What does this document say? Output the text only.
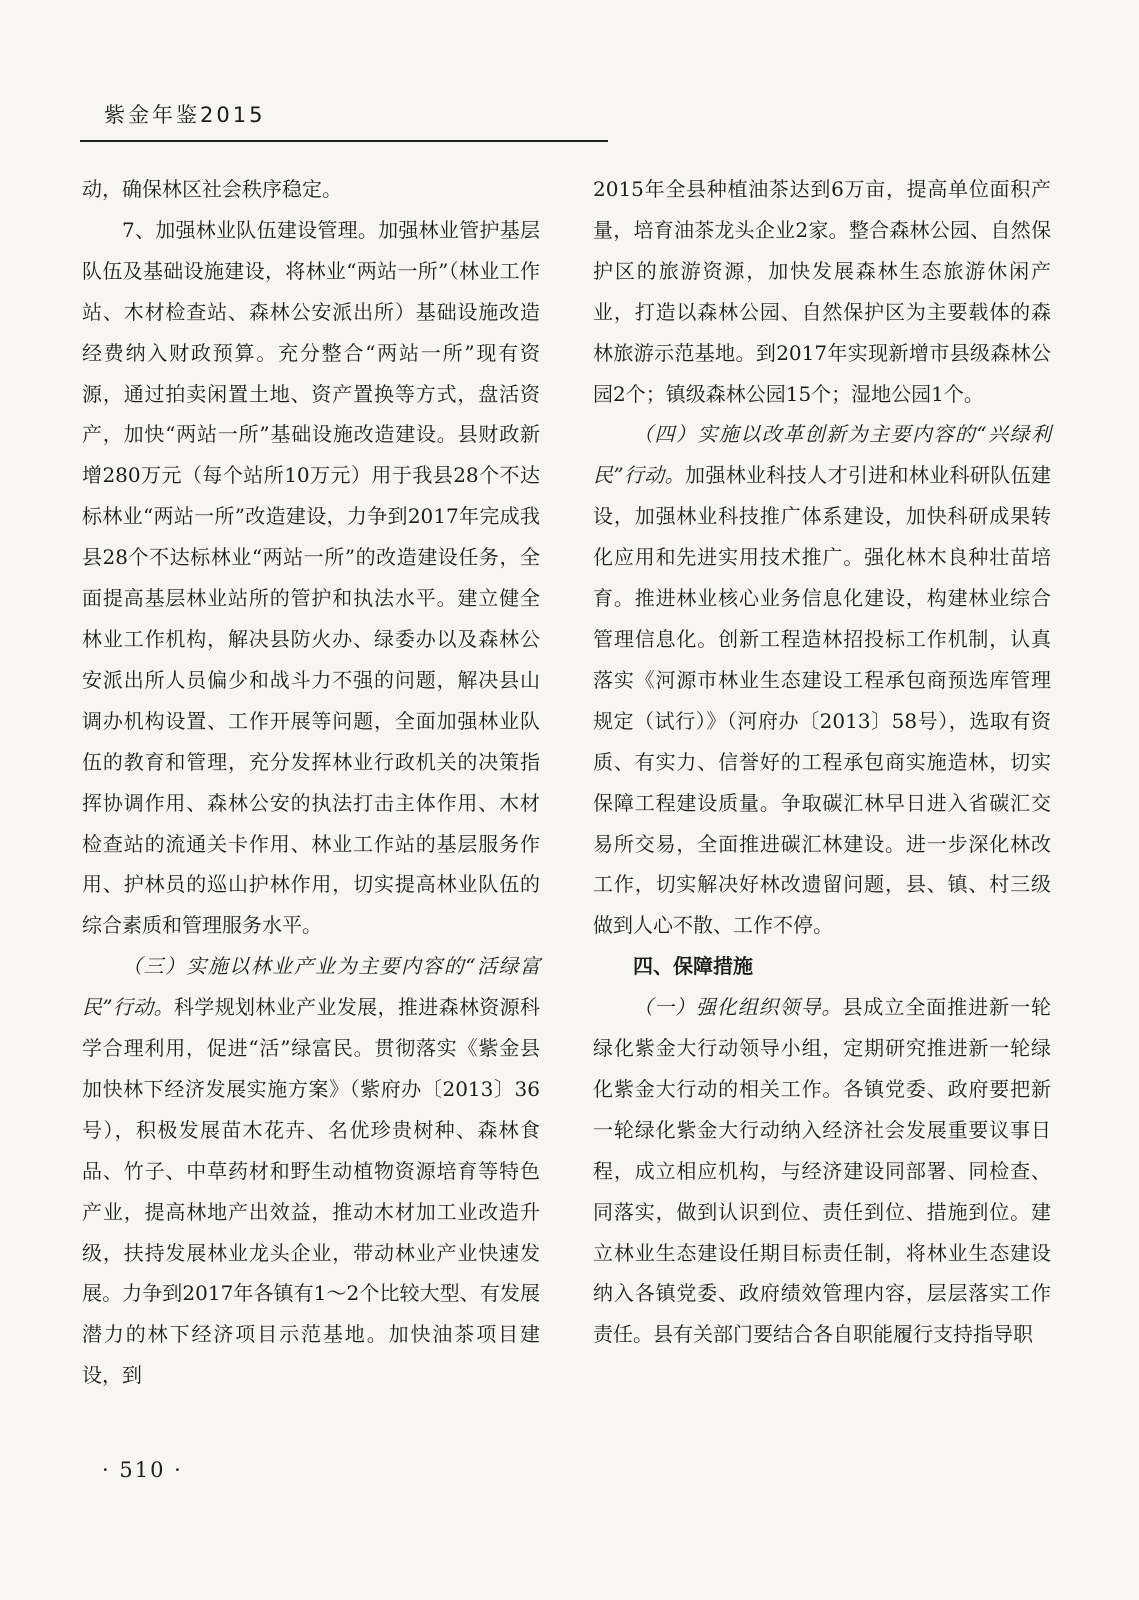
紫金年鉴2015

动，确保林区社会秩序稳定。

7、加强林业队伍建设管理。加强林业管护基层队伍及基础设施建设，将林业“两站一所”（林业工作站、木材检查站、森林公安派出所）基础设施改造经费纳入财政预算。充分整合“两站一所”现有资源，通过拍卖闲置土地、资产置换等方式，盘活资产，加快“两站一所”基础设施改造建设。县财政新增280万元（每个站所10万元）用于我县28个不达标林业“两站一所”改造建设，力争到2017年完成我县28个不达标林业“两站一所”的改造建设任务，全面提高基层林业站所的管护和执法水平。建立健全林业工作机构，解决县防火办、绿委办以及森林公安派出所人员偏少和战斗力不强的问题，解决县山调办机构设置、工作开展等问题，全面加强林业队伍的教育和管理，充分发挥林业行政机关的决策指挥协调作用、森林公安的执法打击主体作用、木材检查站的流通关卡作用、林业工作站的基层服务作用、护林员的巡山护林作用，切实提高林业队伍的综合素质和管理服务水平。

（三）实施以林业产业为主要内容的“活绿富民”行动。科学规划林业产业发展，推进森林资源科学合理利用，促进“活”绿富民。贯彻落实《紫金县加快林下经济发展实施方案》（紫府办〔2013〕36号），积极发展苗木花卉、名优珍贵树种、森林食品、竹子、中草药材和野生动植物资源培育等特色产业，提高林地产出效益，推动木材加工业改造升级，扶持发展林业龙头企业，带动林业产业快速发展。力争到2017年各镇有1～2个比较大型、有发展潜力的林下经济项目示范基地。加快油茶项目建设，到

2015年全县种植油茶达到6万亩，提高单位面积产量，培育油茶龙头企业2家。整合森林公园、自然保护区的旅游资源，加快发展森林生态旅游休闲产业，打造以森林公园、自然保护区为主要载体的森林旅游示范基地。到2017年实现新增市县级森林公园2个；镇级森林公园15个；湿地公园1个。

（四）实施以改革创新为主要内容的“兴绿利民”行动。加强林业科技人才引进和林业科研队伍建设，加强林业科技推广体系建设，加快科研成果转化应用和先进实用技术推广。强化林木良种壮苗培育。推进林业核心业务信息化建设，构建林业综合管理信息化。创新工程造林招投标工作机制，认真落实《河源市林业生态建设工程承包商预选库管理规定（试行）》（河府办〔2013〕58号），选取有资质、有实力、信誉好的工程承包商实施造林，切实保障工程建设质量。争取碳汇林早日进入省碳汇交易所交易，全面推进碳汇林建设。进一步深化林改工作，切实解决好林改遗留问题，县、镇、村三级做到人心不散、工作不停。

四、保障措施

（一）强化组织领导。县成立全面推进新一轮绿化紫金大行动领导小组，定期研究推进新一轮绿化紫金大行动的相关工作。各镇党委、政府要把新一轮绿化紫金大行动纳入经济社会发展重要议事日程，成立相应机构，与经济建设同部署、同检查、同落实，做到认识到位、责任到位、措施到位。建立林业生态建设任期目标责任制，将林业生态建设纳入各镇党委、政府绩效管理内容，层层落实工作责任。县有关部门要结合各自职能履行支持指导职

· 510 ·
